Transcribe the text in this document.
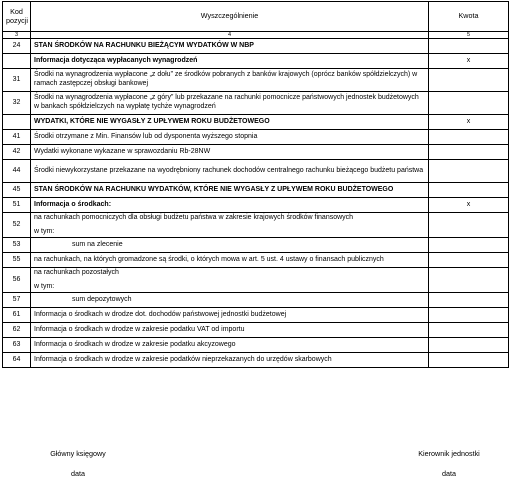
Kod pozycji	Wyszczególnienie	Kwota
3	4	5
24	STAN ŚRODKÓW NA RACHUNKU BIEŻĄCYM WYDATKÓW W NBP	
	Informacja dotycząca wypłacanych wynagrodzeń	x
31	Środki na wynagrodzenia wypłacone „z dołu” ze środków pobranych z banków krajowych (oprócz banków spółdzielczych) w ramach zastępczej obsługi bankowej	
32	Środki na wynagrodzenia wypłacone „z góry” lub przekazane na rachunki pomocnicze państwowych jednostek budżetowych w bankach spółdzielczych na wypłatę tychże wynagrodzeń	
	WYDATKI, KTÓRE NIE WYGASŁY Z UPŁYWEM ROKU BUDŻETOWEGO	x
41	Środki otrzymane z Min. Finansów lub od dysponenta wyższego stopnia	
42	Wydatki wykonane wykazane w sprawozdaniu Rb-28NW	
44	Środki niewykorzystane przekazane na wyodrębniony rachunek dochodów centralnego rachunku bieżącego budżetu państwa	
45	STAN ŚRODKÓW NA RACHUNKU WYDATKÓW, KTÓRE NIE WYGASŁY Z UPŁYWEM ROKU BUDŻETOWEGO	
51	Informacja o środkach:	x
52	na rachunkach pomocniczych dla obsługi budżetu państwa w zakresie krajowych środków finansowych
w tym:	

53	sum na zlecenie	
55	na rachunkach, na których gromadzone są środki, o których mowa w art. 5 ust. 4 ustawy o finansach publicznych	
56	na rachunkach pozostałych
w tym:	

57	sum depozytowych	
61	Informacja o środkach w drodze dot. dochodów państwowej jednostki budżetowej	
62	Informacja o środkach w drodze w zakresie podatku VAT od importu	
63	Informacja o środkach w drodze w zakresie podatku akcyzowego	
64	Informacja o środkach w drodze w zakresie podatków nieprzekazanych do urzędów skarbowych	
Główny księgowy
data
Kierownik jednostki
data
